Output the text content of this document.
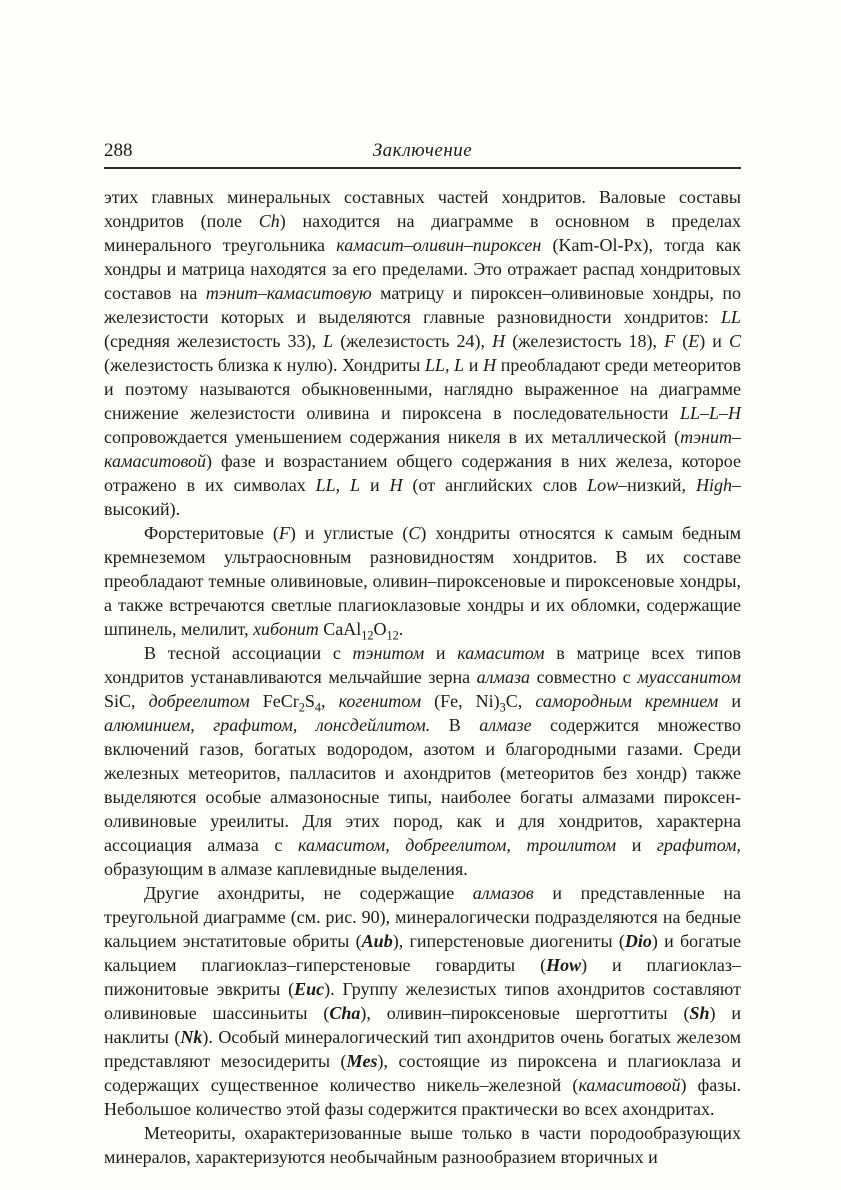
288	Заключение

этих главных минеральных составных частей хондритов. Валовые составы хондритов (поле Ch) находится на диаграмме в основном в пределах минерального треугольника камасит–оливин–пироксен (Kam-Ol-Px), тогда как хондры и матрица находятся за его пределами. Это отражает распад хондритовых составов на тэнит–камаситовую матрицу и пироксен–оливиновые хондры, по железистости которых и выделяются главные разновидности хондритов: LL (средняя железистость 33), L (железистость 24), H (железистость 18), F (E) и C (железистость близка к нулю). Хондриты LL, L и H преобладают среди метеоритов и поэтому называются обыкновенными, наглядно выраженное на диаграмме снижение железистости оливина и пироксена в последовательности LL–L–H сопровождается уменьшением содержания никеля в их металлической (тэнит–камаситовой) фазе и возрастанием общего содержания в них железа, которое отражено в их символах LL, L и H (от английских слов Low–низкий, High–высокий).

Форстеритовые (F) и углистые (C) хондриты относятся к самым бедным кремнеземом ультраосновным разновидностям хондритов. В их составе преобладают темные оливиновые, оливин–пироксеновые и пироксеновые хондры, а также встречаются светлые плагиоклазовые хондры и их обломки, содержащие шпинель, мелилит, хибонит $CaAl_{12}O_{12}$.

В тесной ассоциации с тэнитом и камаситом в матрице всех типов хондритов устанавливаются мельчайшие зерна алмаза совместно с муассанитом SiC, добреелитом $FeCr_2S_4$, когенитом (Fe, $Ni)_3C$, самородным кремнием и алюминием, графитом, лонсдейлитом. В алмазе содержится множество включений газов, богатых водородом, азотом и благородными газами. Среди железных метеоритов, палласитов и ахондритов (метеоритов без хондр) также выделяются особые алмазоносные типы, наиболее богаты алмазами пироксен-оливиновые уреилиты. Для этих пород, как и для хондритов, характерна ассоциация алмаза с камаситом, добреелитом, троилитом и графитом, образующим в алмазе каплевидные выделения.

Другие ахондриты, не содержащие алмазов и представленные на треугольной диаграмме (см. рис. 90), минералогически подразделяются на бедные кальцием энстатитовые обриты (Aub), гиперстеновые диогениты (Dio) и богатые кальцием плагиоклаз–гиперстеновые говардиты (How) и плагиоклаз–пижонитовые эвкриты (Euc). Группу железистых типов ахондритов составляют оливиновые шассиньиты (Cha), оливин–пироксеновые шерготтиты (Sh) и наклиты (Nk). Особый минералогический тип ахондритов очень богатых железом представляют мезосидериты (Mes), состоящие из пироксена и плагиоклаза и содержащих существенное количество никель–железной (камаситовой) фазы. Небольшое количество этой фазы содержится практически во всех ахондритах.

Метеориты, охарактеризованные выше только в части породообразующих минералов, характеризуются необычайным разнообразием вторичных и
